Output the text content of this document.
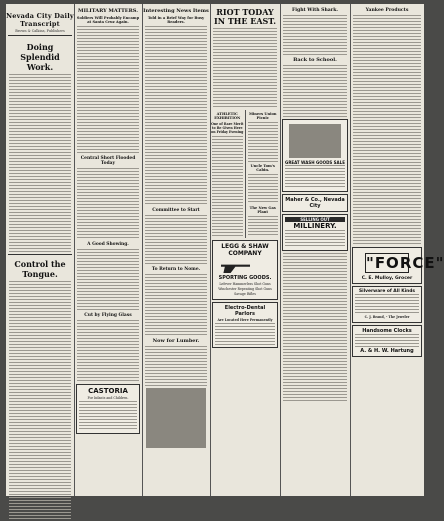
Nevada City Daily Transcript
Brown & Calkins, Publishers
Doing Splendid Work.
Control the Tongue.
MILITARY MATTERS.
Soldiers Will Probably Encamp at Santa Cruz Again.
Central Short Flooded Today
A Good Showing.
Cut by Flying Glass
CASTORIA
For Infants and Children.
Interesting News Items
Told in a Brief Way for Busy Readers.
Committee to Start
To Return to Nome.
Now for Lumber.
RIOT TODAY IN THE EAST.
ATHLETIC EXHIBITION
One of Rare Merit to Be Given Here on Friday Evening
Miners Union Picnic
Uncle Tom's Cabin.
The New Gas Plant
LEGG & SHAW COMPANY
SPORTING GOODS.
Lefever Hammerless Shot Guns
Winchester Repeating Shot Guns
Savage Rifles
Electro-Dental Parlors
Are Located Here Permanently
Fight With Shark.
Back to School.
GREAT WASH GOODS SALE
Maher & Co., Nevada City
SELLING OUT
MILLINERY.
Yankee Products
"FORCE"
C. E. Mulloy, Grocer
Silverware of All Kinds
C. J. Brand, - The Jeweler
Handsome Clocks
A. & H. W. Hartung
